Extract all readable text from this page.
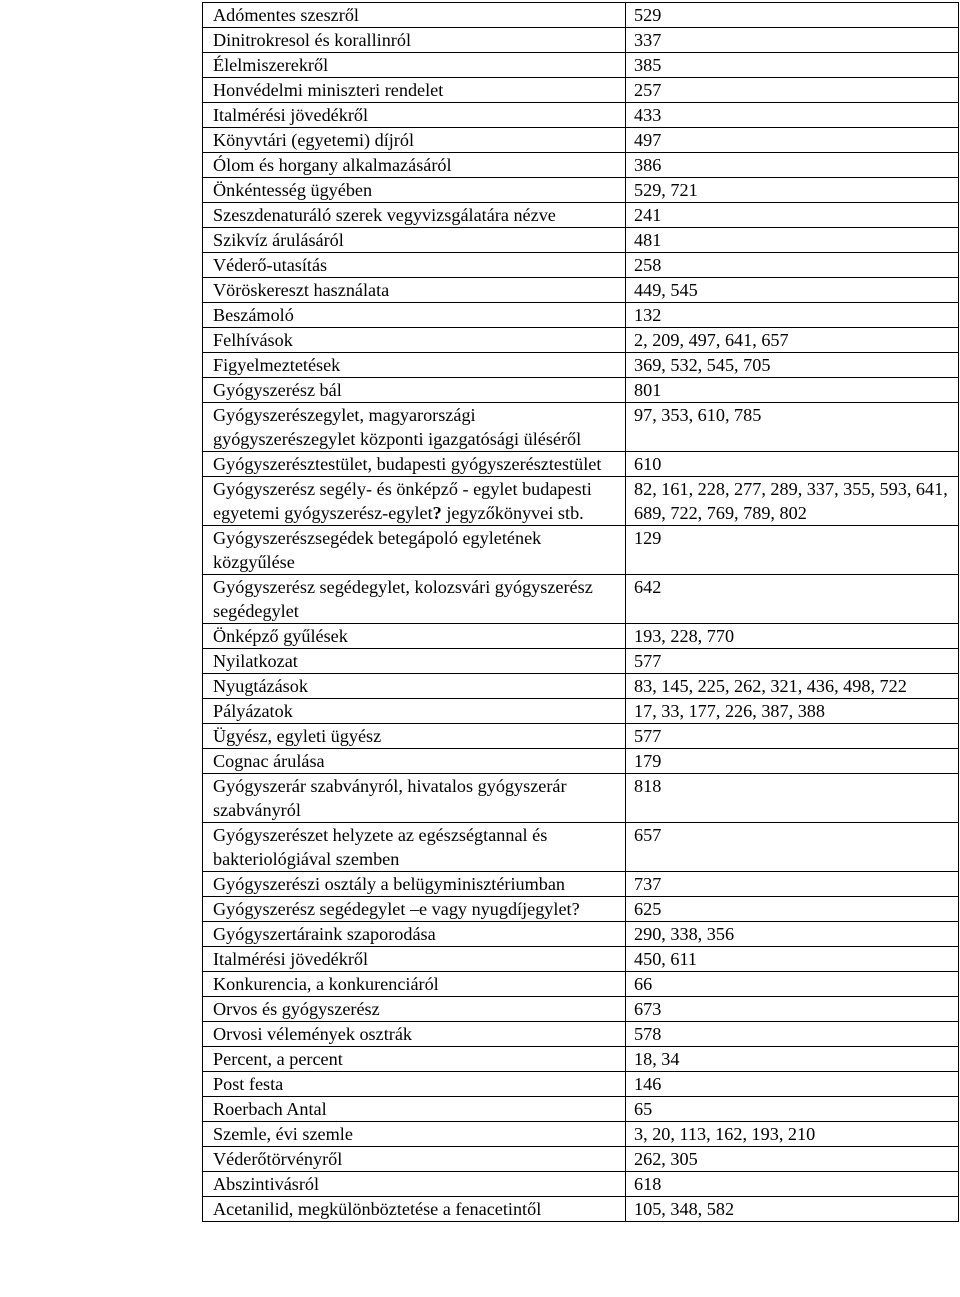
Adómentes szeszről	529
Dinitrokresol és korallinról	337
Élelmiszerekről	385
Honvédelmi miniszteri rendelet	257
Italmérési jövedékről	433
Könyvtári (egyetemi) díjról	497
Ólom és horgany alkalmazásáról	386
Önkéntesség ügyében	529, 721
Szeszdenaturáló szerek vegyvizsgálatára nézve	241
Szikvíz árulásáról	481
Véderő-utasítás	258
Vöröskereszt használata	449, 545
Beszámoló	132
Felhívások	2, 209, 497, 641, 657
Figyelmeztetések	369, 532, 545, 705
Gyógyszerész bál	801
Gyógyszerészegylet, magyarországi gyógyszerészegylet központi igazgatósági üléséről	97, 353, 610, 785
Gyógyszerésztestület, budapesti gyógyszerésztestület	610
Gyógyszerész segély- és önképző - egylet budapesti egyetemi gyógyszerész-egylet? jegyzőkönyvei stb.	82, 161, 228, 277, 289, 337, 355, 593, 641, 689, 722, 769, 789, 802
Gyógyszerészsegédek betegápoló egyletének közgyűlése	129
Gyógyszerész segédegylet, kolozsvári gyógyszerész segédegylet	642
Önképző gyűlések	193, 228, 770
Nyilatkozat	577
Nyugtázások	83, 145, 225, 262, 321, 436, 498, 722
Pályázatok	17, 33, 177, 226, 387, 388
Ügyész, egyleti ügyész	577
Cognac árulása	179
Gyógyszerár szabványról, hivatalos gyógyszerár szabványról	818
Gyógyszerészet helyzete az egészségtannal és bakteriológiával szemben	657
Gyógyszerészi osztály a belügyminisztériumban	737
Gyógyszerész segédegylet –e vagy nyugdíjegylet?	625
Gyógyszertáraink szaporodása	290, 338, 356
Italmérési jövedékről	450, 611
Konkurencia, a konkurenciáról	66
Orvos és gyógyszerész	673
Orvosi vélemények osztrák	578
Percent, a percent	18, 34
Post festa	146
Roerbach Antal	65
Szemle, évi szemle	3, 20, 113, 162, 193, 210
Véderőtörvényről	262, 305
Abszintivásról	618
Acetanilid, megkülönböztetése a fenacetintől	105, 348, 582
